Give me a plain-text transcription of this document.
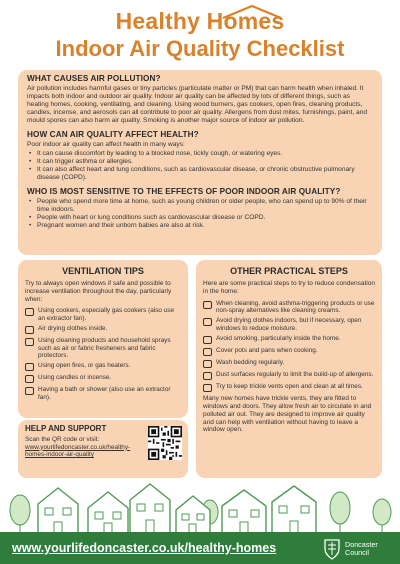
Healthy Homes
Indoor Air Quality Checklist
WHAT CAUSES AIR POLLUTION?
Air pollution includes harmful gases or tiny particles (particulate matter or PM) that can harm health when inhaled. It impacts both indoor and outdoor air quality. Indoor air quality can be affected by lots of different things, such as heating homes, cooking, ventilating, and cleaning. Using wood burners, gas cookers, open fires, cleaning products, candles, incense, and aerosols can all contribute to poor air quality. Allergens from dust mites, furnishings, paint, and mould spores can also harm air quality. Smoking is another major source of indoor air pollution.
HOW CAN AIR QUALITY AFFECT HEALTH?
Poor indoor air quality can affect health in many ways:
• It can cause discomfort by leading to a blocked nose, tickly cough, or watering eyes.
• It can trigger asthma or allergies.
• It can also affect heart and lung conditions, such as cardiovascular disease, or chronic obstructive pulmonary disease (COPD).
WHO IS MOST SENSITIVE TO THE EFFECTS OF POOR INDOOR AIR QUALITY?
• People who spend more time at home, such as young children or older people, who can spend up to 90% of their time indoors.
• People with heart or lung conditions such as cardiovascular disease or COPD.
• Pregnant women and their unborn babies are also at risk.
VENTILATION TIPS
Try to always open windows if safe and possible to increase ventilation throughout the day, particularly when:
Using cookers, especially gas cookers (also use an extractor fan).
Air drying clothes inside.
Using cleaning products and household sprays such as air or fabric fresheners and fabric protectors.
Using open fires, or gas heaters.
Using candles or incense.
Having a bath or shower (also use an extractor fan).
OTHER PRACTICAL STEPS
Here are some practical steps to try to reduce condensation in the home:
When cleaning, avoid asthma-triggering products or use non-spray alternatives like cleaning creams.
Avoid drying clothes indoors, but if necessary, open windows to reduce moisture.
Avoid smoking, particularly inside the home.
Cover pots and pans when cooking.
Wash bedding regularly.
Dust surfaces regularly to limit the build-up of allergens.
Try to keep trickle vents open and clean at all times.
Many new homes have trickle vents, they are fitted to windows and doors. They allow fresh air to circulate in and polluted air out. They are designed to improve air quality and can help with ventilation without having to leave a window open.
HELP AND SUPPORT
Scan the QR code or visit:
www.yourlifedoncaster.co.uk/healthy-homes-indoor-air-quality
www.yourlifedoncaster.co.uk/healthy-homes	Doncaster
Council
